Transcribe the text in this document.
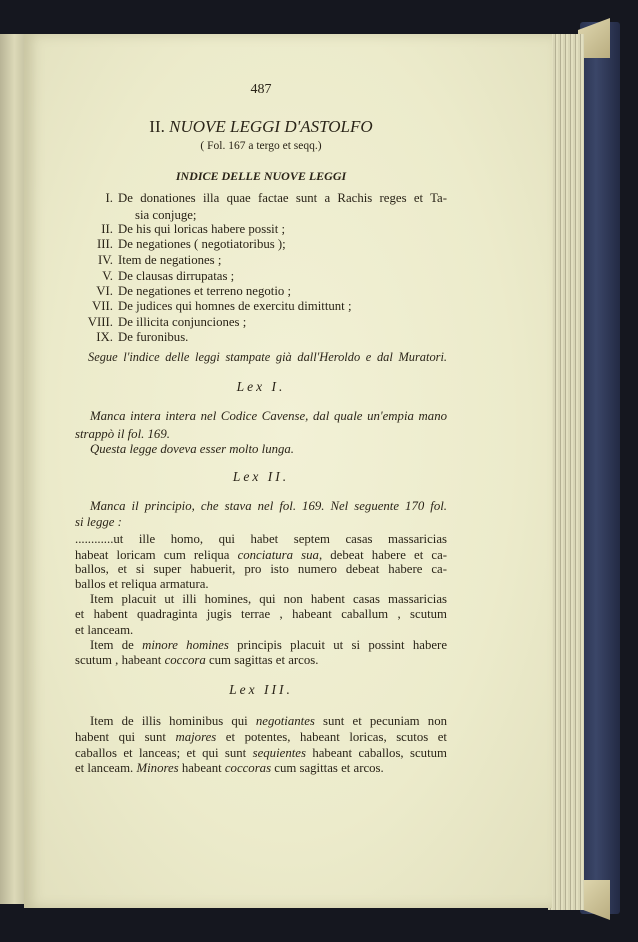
487
II. NUOVE LEGGI D'ASTOLFO
( Fol. 167 a tergo et seqq.)
INDICE DELLE NUOVE LEGGI
I. De donationes illa quae factae sunt a Rachis reges et Ta-
sia conjuge;
II. De his qui loricas habere possit ;
III. De negationes ( negotiatoribus );
IV. Item de negationes ;
V. De clausas dirrupatas ;
VI. De negationes et terreno negotio ;
VII. De judices qui homnes de exercitu dimittunt ;
VIII. De illicita conjunciones ;
IX. De furonibus.
Segue l'indice delle leggi stampate già dall'Heroldo e dal Muratori.
Lex I.
Manca intera intera nel Codice Cavense, dal quale un'empia mano
strappò il fol. 169.
Questa legge doveva esser molto lunga.
Lex II.
Manca il principio, che stava nel fol. 169. Nel seguente 170 fol.
si legge :
............ut ille homo, qui habet septem casas massaricias
habeat loricam cum reliqua conciatura sua, debeat habere et ca-
ballos, et si super habuerit, pro isto numero debeat habere ca-
ballos et reliqua armatura.
Item placuit ut illi homines, qui non habent casas massaricias
et habent quadraginta jugis terrae , habeant caballum , scutum
et lanceam.
Item de minore homines principis placuit ut si possint habere
scutum , habeant coccora cum sagittas et arcos.
Lex III.
Item de illis hominibus qui negotiantes sunt et pecuniam non
habent qui sunt majores et potentes, habeant loricas, scutos et
caballos et lanceas; et qui sunt sequientes habeant caballos, scutum
et lanceam. Minores habeant coccoras cum sagittas et arcos.
